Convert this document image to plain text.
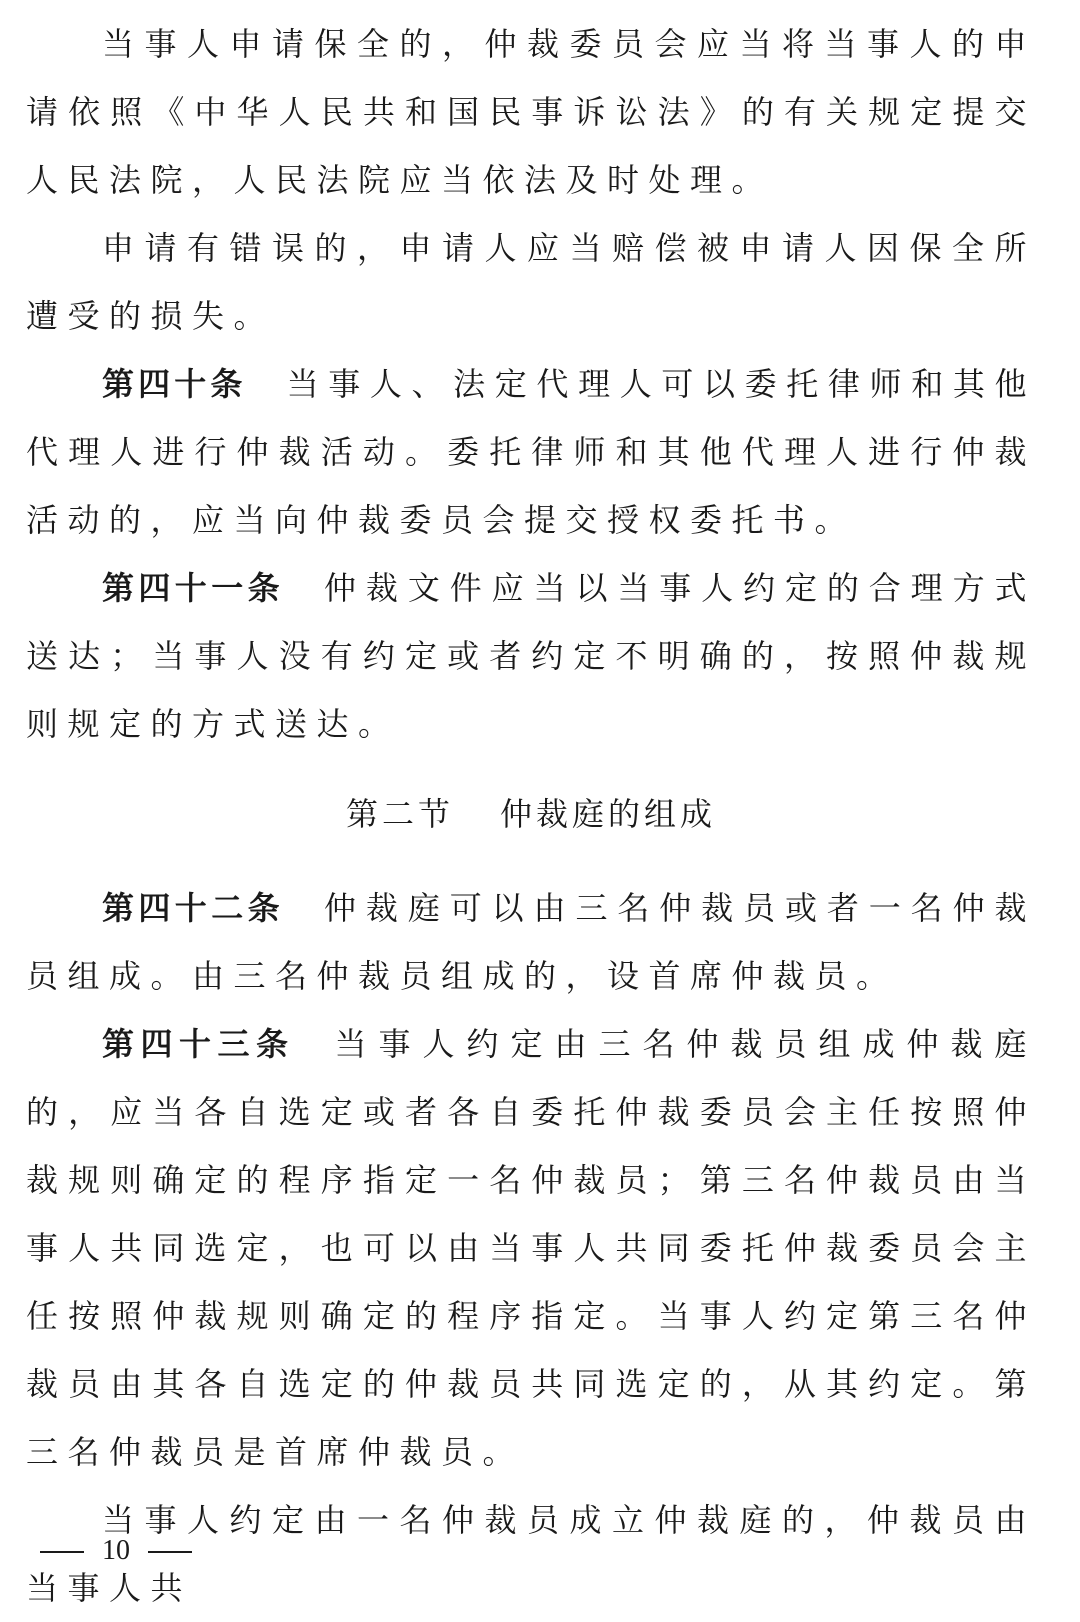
当事人申请保全的，仲裁委员会应当将当事人的申请依照《中华人民共和国民事诉讼法》的有关规定提交人民法院，人民法院应当依法及时处理。

申请有错误的，申请人应当赔偿被申请人因保全所遭受的损失。

第四十条 当事人、法定代理人可以委托律师和其他代理人进行仲裁活动。委托律师和其他代理人进行仲裁活动的，应当向仲裁委员会提交授权委托书。

第四十一条 仲裁文件应当以当事人约定的合理方式送达；当事人没有约定或者约定不明确的，按照仲裁规则规定的方式送达。

第二节 仲裁庭的组成

第四十二条 仲裁庭可以由三名仲裁员或者一名仲裁员组成。由三名仲裁员组成的，设首席仲裁员。

第四十三条 当事人约定由三名仲裁员组成仲裁庭的，应当各自选定或者各自委托仲裁委员会主任按照仲裁规则确定的程序指定一名仲裁员；第三名仲裁员由当事人共同选定，也可以由当事人共同委托仲裁委员会主任按照仲裁规则确定的程序指定。当事人约定第三名仲裁员由其各自选定的仲裁员共同选定的，从其约定。第三名仲裁员是首席仲裁员。

当事人约定由一名仲裁员成立仲裁庭的，仲裁员由当事人共

10
